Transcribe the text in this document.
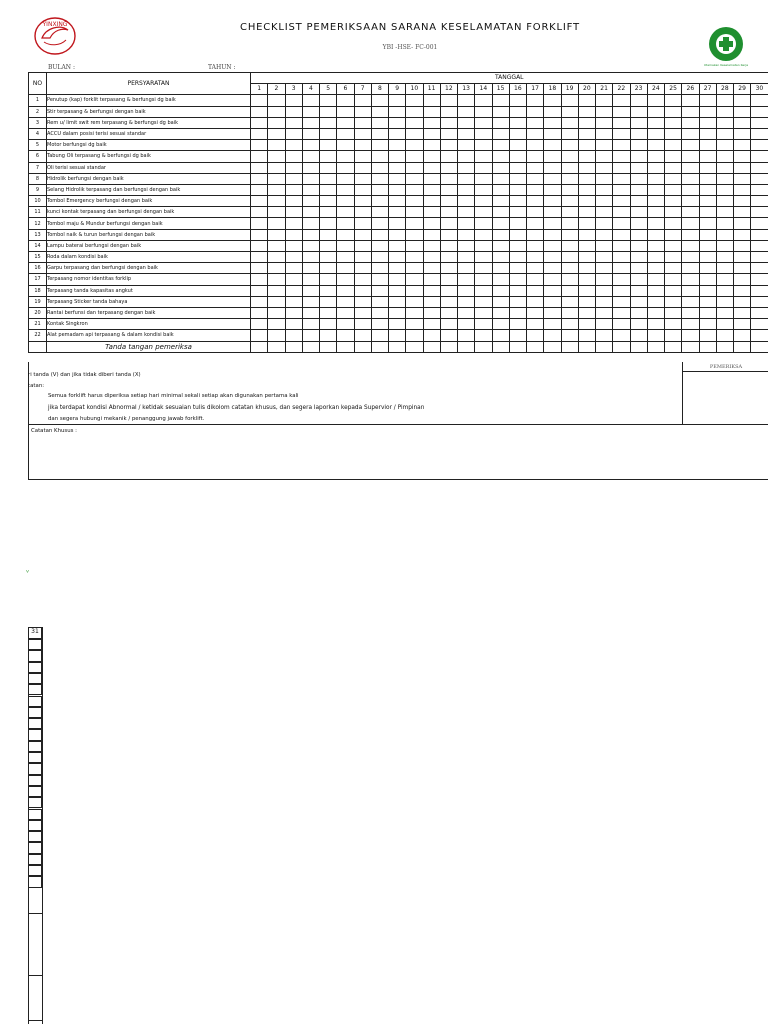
YINXING
Utamakan Keselamatan Kerja
CHECKLIST PEMERIKSAAN SARANA KESELAMATAN FORKLIFT
YBI -HSE- FC-001
BULAN :	TAHUN :
NO	PERSYARATAN	TANGGAL																													
		1	2	3	4	5	6	7	8	9	10	11	12	13	14	15	16	17	18	19	20	21	22	23	24	25	26	27	28	29	30
1	Penutup (kap) forklit terpasang & berfungsi dg baik																														
2	Stir terpasang & berfungsi dengan baik																														
3	Rem u/ limit swit rem terpasang & berfungsi dg baik																														
4	ACCU dalam posisi terisi sesuai standar																														
5	Motor berfungsi dg baik																														
6	Tabung Oli terpasang & berfungsi dg baik																														
7	Oli terisi sesuai standar																														
8	Hidrolik berfungsi dengan baik																														
9	Selang Hidrolik terpasang dan berfungsi dengan baik																														
10	Tombol Emergency berfungsi dengan baik																														
11	kunci kontak terpasang dan berfungsi dengan baik																														
12	Tombol maju & Mundur berfungsi dengan baik																														
13	Tombol naik & turun berfungsi dengan baik																														
14	Lampu baterai berfungsi dengan baik																														
15	Roda dalam kondisi baik																														
16	Garpu terpasang dan berfungsi dengan baik																														
17	Terpasang nomor identitas forklip																														
18	Terpasang tanda kapasitas angkut																														
19	Terpasang Sticker tanda bahaya																														
20	Rantai berfunsi dan terpasang dengan baik																														
21	Kontak Singkron																														
22	Alat pemadam api terpasang & dalam kondisi baik																														
	Tanda tangan pemeriksa																														
PEMERIKSA
ri tanda (V) dan jika tidak diberi tanda (X)
tatan:
Semua forklift harus diperiksa setiap hari minimal sekali setiap akan digunakan pertama kali
jika terdapat kondisi Abnormal / ketidak sesuaian tulis dikolom catatan khusus, dan segera laporkan kepada Supervior / Pimpinan
dan segera hubungi mekanik / penanggung jawab forklift.
Catatan Khusus :
ᵛ
31
